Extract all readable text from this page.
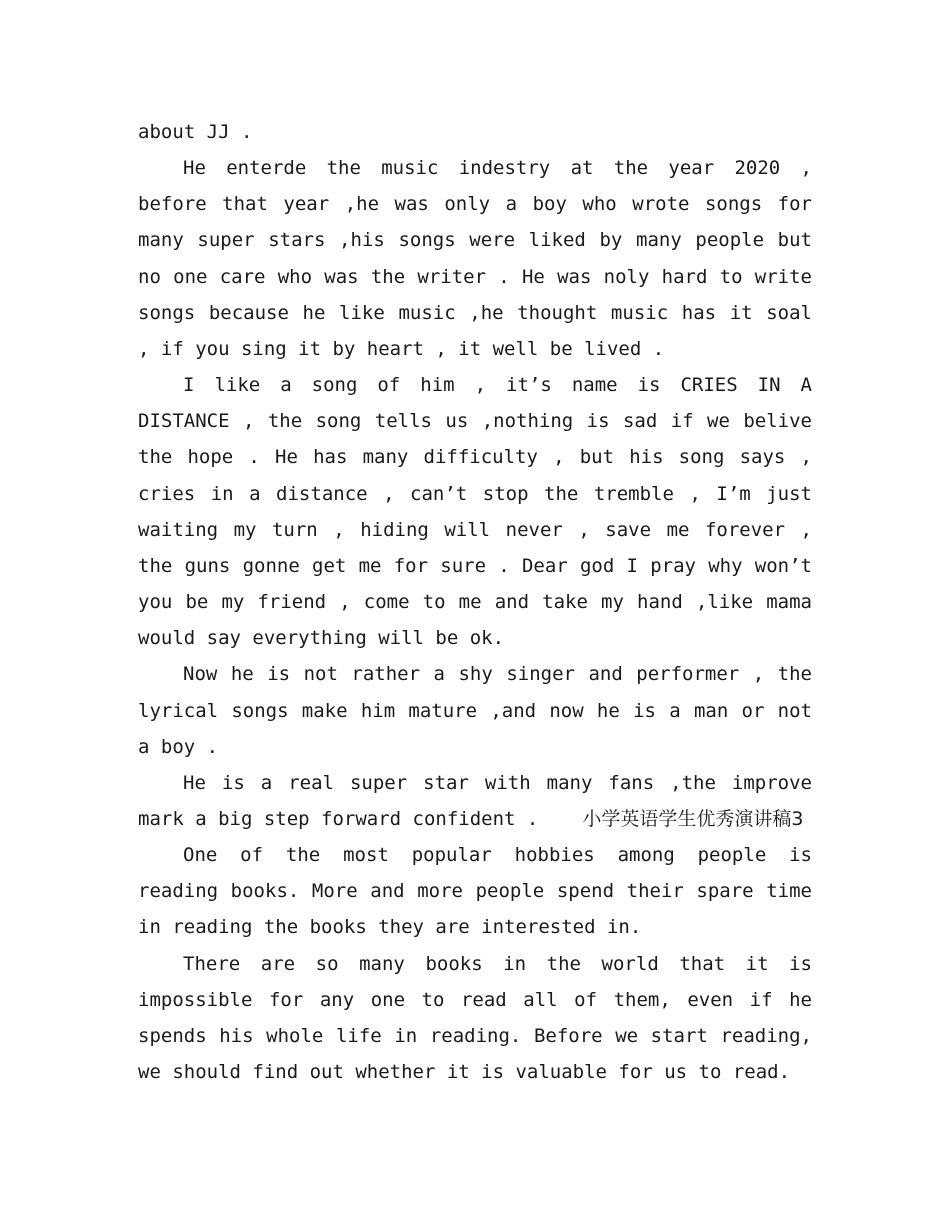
about JJ .

He enterde the music indestry at the year 2020 , before that year ,he was only a boy who wrote songs for many super stars ,his songs were liked by many people but no one care who was the writer . He was noly hard to write songs because he like music ,he thought music has it soal , if you sing it by heart , it well be lived .

I like a song of him , it’s name is CRIES IN A DISTANCE , the song tells us ,nothing is sad if we belive the hope . He has many difficulty , but his song says , cries in a distance , can’t stop the tremble , I’m just waiting my turn , hiding will never , save me forever , the guns gonne get me for sure . Dear god I pray why won’t you be my friend , come to me and take my hand ,like mama would say everything will be ok.

Now he is not rather a shy singer and performer , the lyrical songs make him mature ,and now he is a man or not a boy .

He is a real super star with many fans ,the improve mark a big step forward confident . 小学英语学生优秀演讲稿3

One of the most popular hobbies among people is reading books. More and more people spend their spare time in reading the books they are interested in.

There are so many books in the world that it is impossible for any one to read all of them, even if he spends his whole life in reading. Before we start reading, we should find out whether it is valuable for us to read.
